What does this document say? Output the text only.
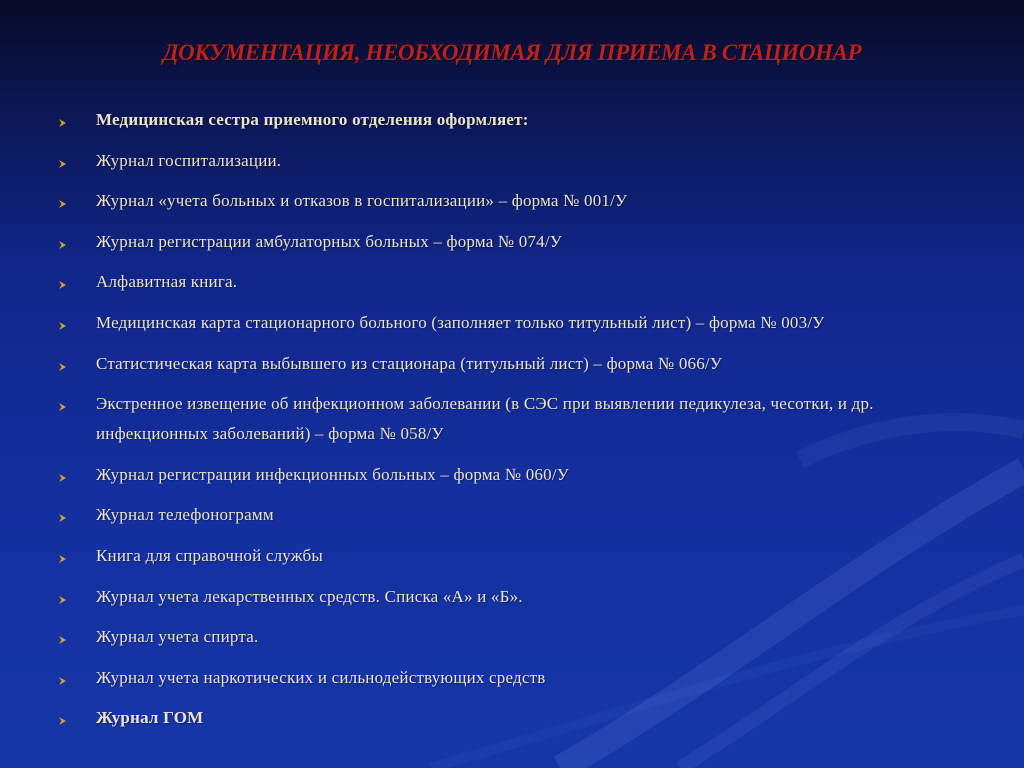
ДОКУМЕНТАЦИЯ, НЕОБХОДИМАЯ ДЛЯ ПРИЕМА В СТАЦИОНАР
Медицинская сестра приемного отделения оформляет:
Журнал госпитализации.
Журнал «учета больных и отказов в госпитализации» – форма № 001/У
Журнал регистрации амбулаторных больных – форма № 074/У
Алфавитная книга.
Медицинская карта стационарного больного (заполняет только титульный лист) – форма № 003/У
Статистическая карта выбывшего из стационара (титульный лист) – форма № 066/У
Экстренное извещение об инфекционном заболевании (в СЭС при выявлении педикулеза, чесотки, и др. инфекционных заболеваний) – форма № 058/У
Журнал регистрации инфекционных больных – форма № 060/У
Журнал телефонограмм
Книга для справочной службы
Журнал учета лекарственных средств. Списка «А» и «Б».
Журнал учета спирта.
Журнал учета наркотических и сильнодействующих средств
Журнал ГОМ
